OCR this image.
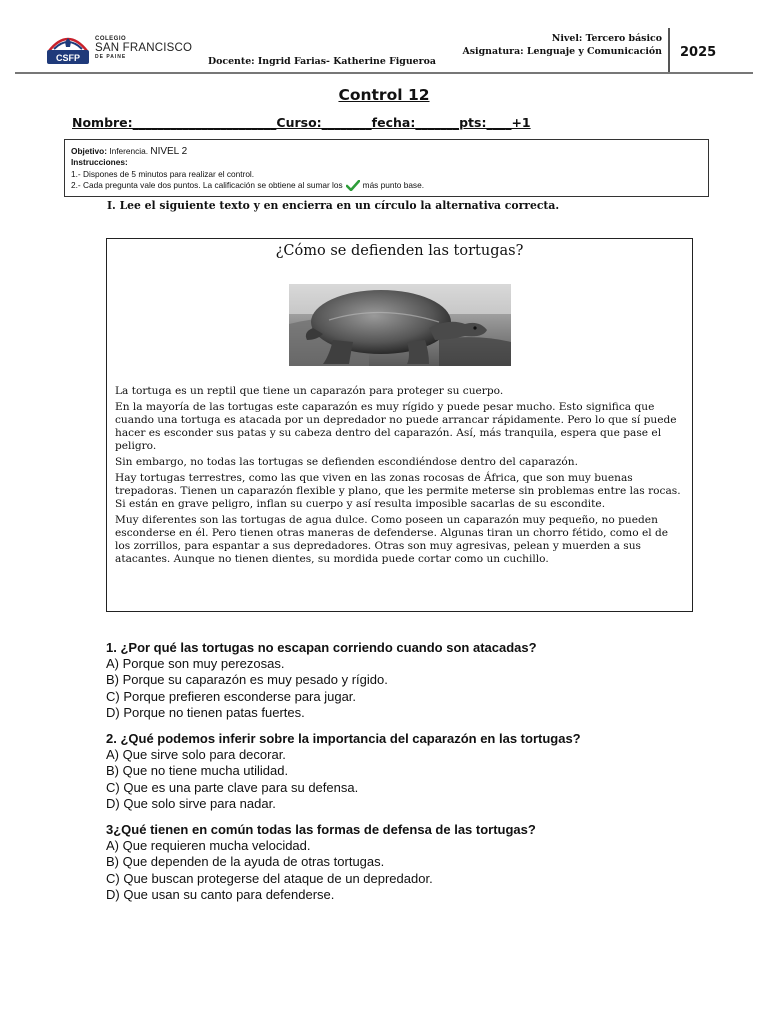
CSFP
COLEGIO
SAN FRANCISCO
DE PAINE
Nivel: Tercero básico
Asignatura: Lenguaje y Comunicación
Docente: Ingrid Farias- Katherine Figueroa
2025
Control 12
Nombre:_______________________Curso:________fecha:_______pts:____+1
Objetivo: Inferencia. NIVEL 2
Instrucciones:
1.- Dispones de 5 minutos para realizar el control.
2.- Cada pregunta vale dos puntos. La calificación se obtiene al sumar los más punto base.
I. Lee el siguiente texto y en encierra en un círculo la alternativa correcta.
¿Cómo se defienden las tortugas?

La tortuga es un reptil que tiene un caparazón para proteger su cuerpo.

En la mayoría de las tortugas este caparazón es muy rígido y puede pesar mucho. Esto significa que cuando una tortuga es atacada por un depredador no puede arrancar rápidamente. Pero lo que sí puede hacer es esconder sus patas y su cabeza dentro del caparazón. Así, más tranquila, espera que pase el peligro.

Sin embargo, no todas las tortugas se defienden escondiéndose dentro del caparazón.

Hay tortugas terrestres, como las que viven en las zonas rocosas de África, que son muy buenas trepadoras. Tienen un caparazón flexible y plano, que les permite meterse sin problemas entre las rocas. Si están en grave peligro, inflan su cuerpo y así resulta imposible sacarlas de su escondite.

Muy diferentes son las tortugas de agua dulce. Como poseen un caparazón muy pequeño, no pueden esconderse en él. Pero tienen otras maneras de defenderse. Algunas tiran un chorro fétido, como el de los zorrillos, para espantar a sus depredadores. Otras son muy agresivas, pelean y muerden a sus atacantes. Aunque no tienen dientes, su mordida puede cortar como un cuchillo.

1. ¿Por qué las tortugas no escapan corriendo cuando son atacadas?
A) Porque son muy perezosas.
B) Porque su caparazón es muy pesado y rígido.
C) Porque prefieren esconderse para jugar.
D) Porque no tienen patas fuertes.
2. ¿Qué podemos inferir sobre la importancia del caparazón en las tortugas?
A) Que sirve solo para decorar.
B) Que no tiene mucha utilidad.
C) Que es una parte clave para su defensa.
D) Que solo sirve para nadar.
3¿Qué tienen en común todas las formas de defensa de las tortugas?
A) Que requieren mucha velocidad.
B) Que dependen de la ayuda de otras tortugas.
C) Que buscan protegerse del ataque de un depredador.
D) Que usan su canto para defenderse.
